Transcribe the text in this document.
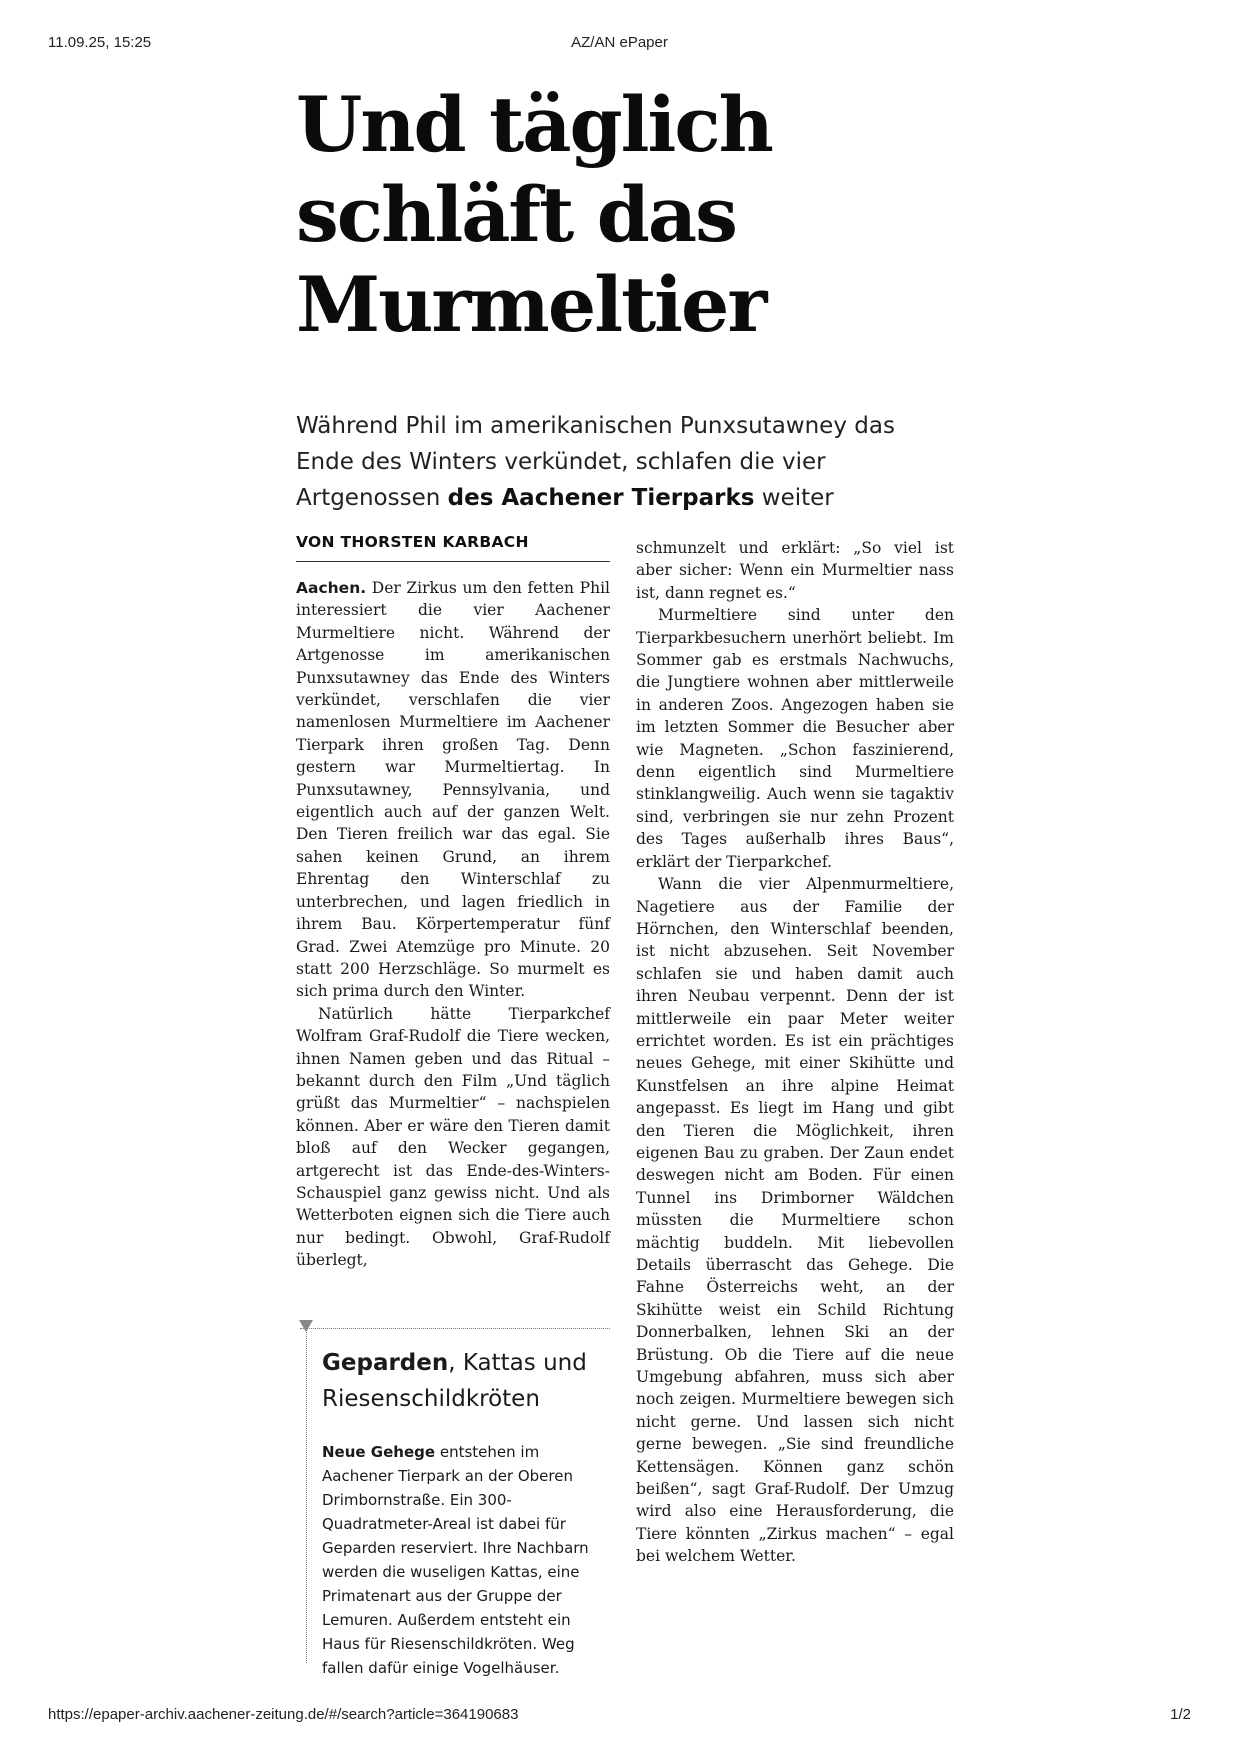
11.09.25, 15:25	AZ/AN ePaper
Und täglich
schläft das
Murmeltier
Während Phil im amerikanischen Punxsutawney das Ende des Winters verkündet, schlafen die vier Artgenossen des Aachener Tierparks weiter
VON THORSTEN KARBACH

Aachen. Der Zirkus um den fetten Phil interessiert die vier Aachener Murmeltiere nicht. Während der Artgenosse im amerikanischen Punxsutawney das Ende des Winters verkündet, verschlafen die vier namenlosen Murmeltiere im Aachener Tierpark ihren großen Tag. Denn gestern war Murmeltiertag. In Punxsutawney, Pennsylvania, und eigentlich auch auf der ganzen Welt. Den Tieren freilich war das egal. Sie sahen keinen Grund, an ihrem Ehrentag den Winterschlaf zu unterbrechen, und lagen friedlich in ihrem Bau. Körpertemperatur fünf Grad. Zwei Atemzüge pro Minute. 20 statt 200 Herzschläge. So murmelt es sich prima durch den Winter.

Natürlich hätte Tierparkchef Wolfram Graf-Rudolf die Tiere wecken, ihnen Namen geben und das Ritual – bekannt durch den Film „Und täglich grüßt das Murmeltier“ – nachspielen können. Aber er wäre den Tieren damit bloß auf den Wecker gegangen, artgerecht ist das Ende-des-Winters-Schauspiel ganz gewiss nicht. Und als Wetterboten eignen sich die Tiere auch nur bedingt. Obwohl, Graf-Rudolf überlegt,

schmunzelt und erklärt: „So viel ist aber sicher: Wenn ein Murmeltier nass ist, dann regnet es.“

Murmeltiere sind unter den Tierparkbesuchern unerhört beliebt. Im Sommer gab es erstmals Nachwuchs, die Jungtiere wohnen aber mittlerweile in anderen Zoos. Angezogen haben sie im letzten Sommer die Besucher aber wie Magneten. „Schon faszinierend, denn eigentlich sind Murmeltiere stinklangweilig. Auch wenn sie tagaktiv sind, verbringen sie nur zehn Prozent des Tages außerhalb ihres Baus“, erklärt der Tierparkchef.

Wann die vier Alpenmurmeltiere, Nagetiere aus der Familie der Hörnchen, den Winterschlaf beenden, ist nicht abzusehen. Seit November schlafen sie und haben damit auch ihren Neubau verpennt. Denn der ist mittlerweile ein paar Meter weiter errichtet worden. Es ist ein prächtiges neues Gehege, mit einer Skihütte und Kunstfelsen an ihre alpine Heimat angepasst. Es liegt im Hang und gibt den Tieren die Möglichkeit, ihren eigenen Bau zu graben. Der Zaun endet deswegen nicht am Boden. Für einen Tunnel ins Drimborner Wäldchen müssten die Murmeltiere schon mächtig buddeln. Mit liebevollen Details überrascht das Gehege. Die Fahne Österreichs weht, an der Skihütte weist ein Schild Richtung Donnerbalken, lehnen Ski an der Brüstung. Ob die Tiere auf die neue Umgebung abfahren, muss sich aber noch zeigen. Murmeltiere bewegen sich nicht gerne. Und lassen sich nicht gerne bewegen. „Sie sind freundliche Kettensägen. Können ganz schön beißen“, sagt Graf-Rudolf. Der Umzug wird also eine Herausforderung, die Tiere könnten „Zirkus machen“ – egal bei welchem Wetter.

Geparden, Kattas und Riesenschildkröten
Neue Gehege entstehen im Aachener Tierpark an der Oberen Drimbornstraße. Ein 300-Quadratmeter-Areal ist dabei für Geparden reserviert. Ihre Nachbarn werden die wuseligen Kattas, eine Primatenart aus der Gruppe der Lemuren. Außerdem entsteht ein Haus für Riesenschildkröten. Weg fallen dafür einige Vogelhäuser.
https://epaper-archiv.aachener-zeitung.de/#/search?article=364190683	1/2
